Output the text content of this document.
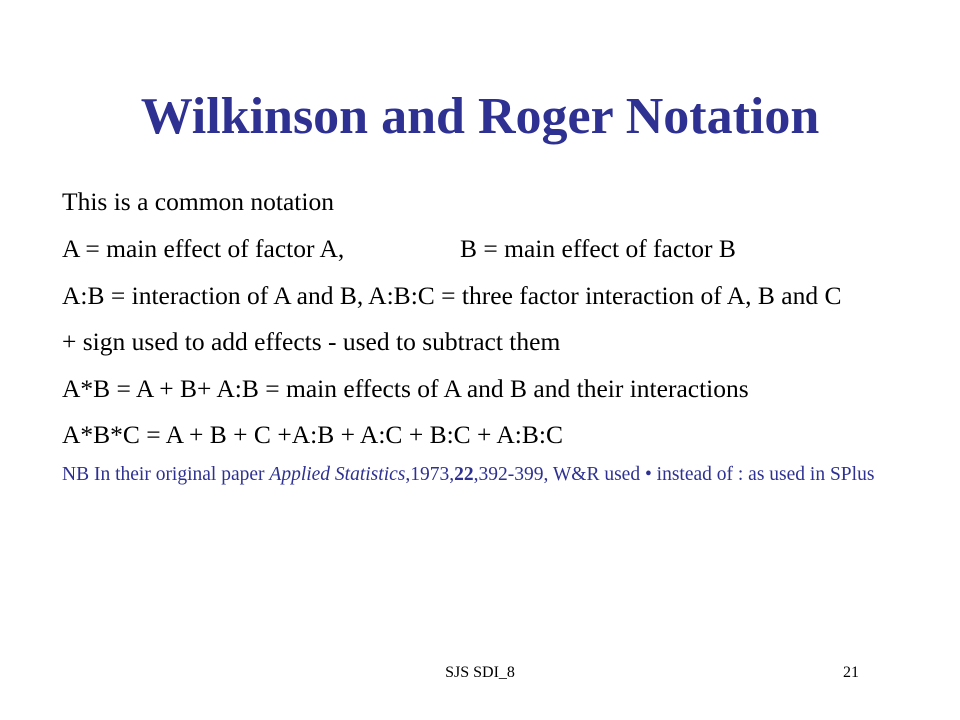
Wilkinson and Roger Notation
This is a common notation
A = main effect of factor A,	B = main effect of factor B
A:B = interaction of A and B, A:B:C = three factor interaction of A, B and C
+ sign used to add effects - used to subtract them
A*B = A + B+ A:B = main effects of A and B and their interactions
A*B*C = A + B + C +A:B + A:C + B:C + A:B:C
NB In their original paper Applied Statistics,1973,22,392-399, W&R used • instead of : as used in SPlus
SJS SDI_8	21
